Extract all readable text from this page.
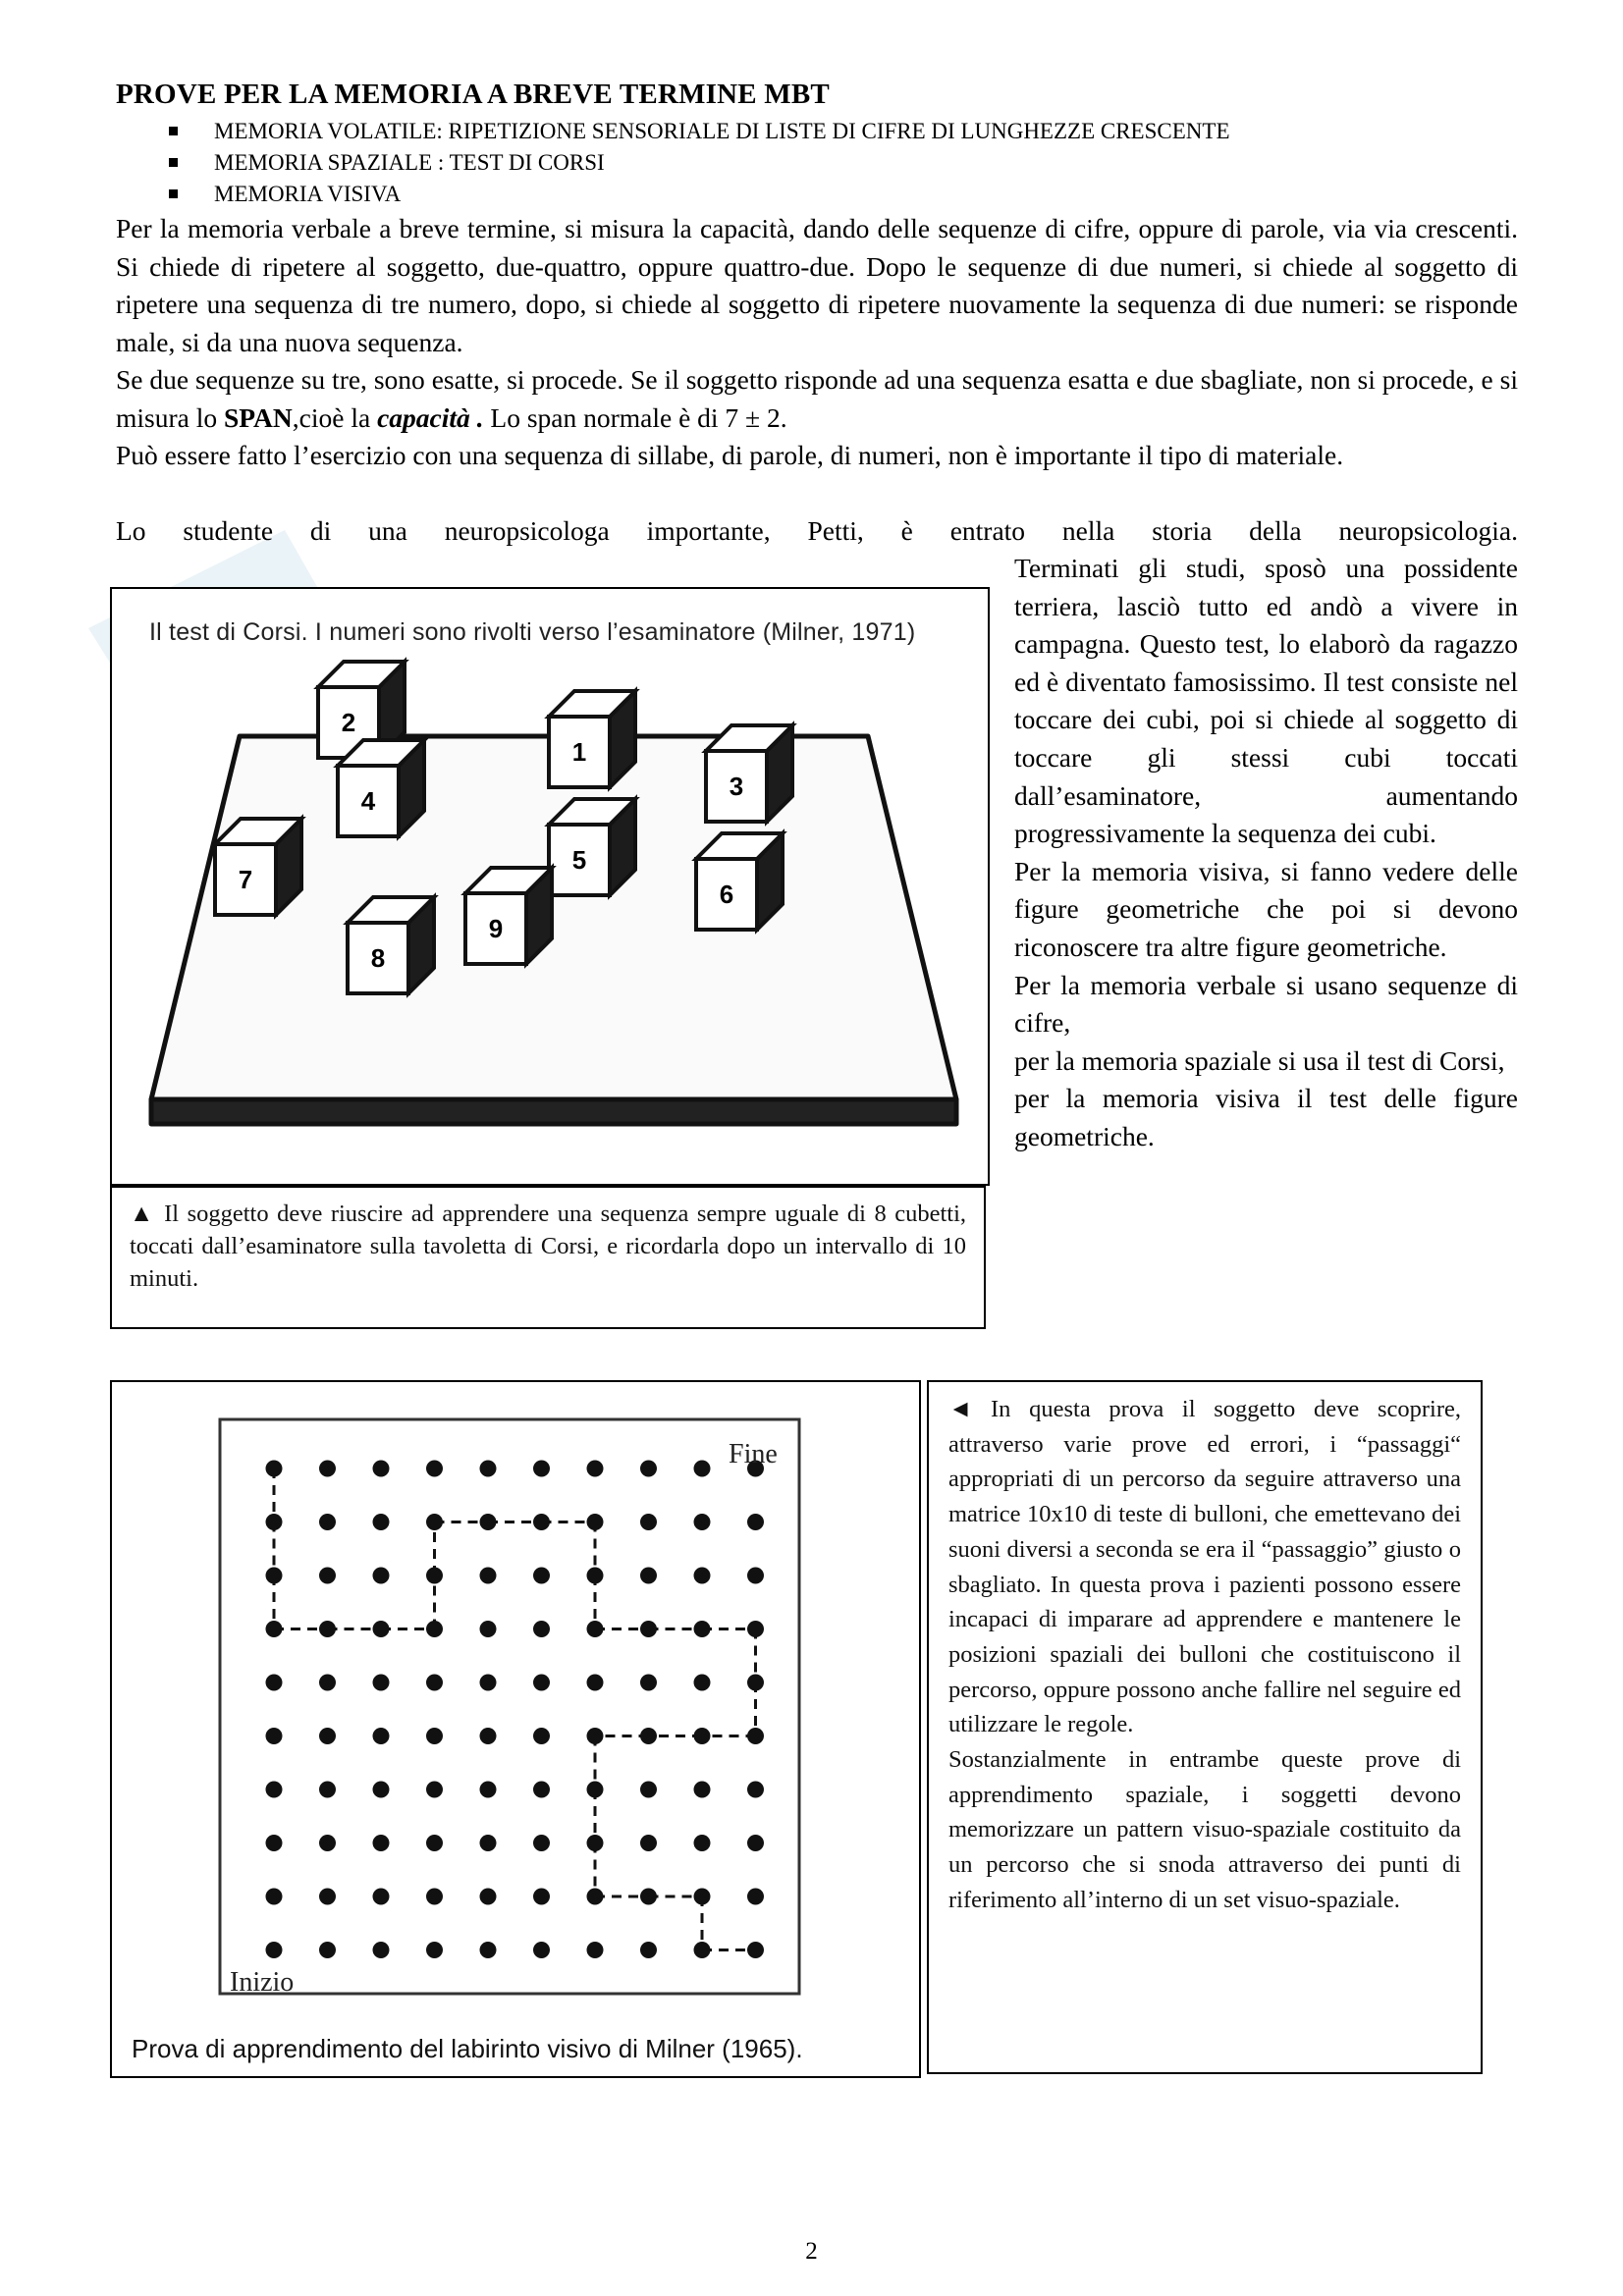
PROVE PER LA MEMORIA A BREVE TERMINE MBT
MEMORIA VOLATILE: RIPETIZIONE SENSORIALE DI LISTE DI CIFRE DI LUNGHEZZE CRESCENTE
MEMORIA SPAZIALE : TEST DI CORSI
MEMORIA VISIVA

Per la memoria verbale a breve termine, si misura la capacità, dando delle sequenze di cifre, oppure di parole, via via crescenti. Si chiede di ripetere al soggetto, due-quattro, oppure quattro-due. Dopo le sequenze di due numeri, si chiede al soggetto di ripetere una sequenza di tre numero, dopo, si chiede al soggetto di ripetere nuovamente la sequenza di due numeri: se risponde male, si da una nuova sequenza.

Se due sequenze su tre, sono esatte, si procede. Se il soggetto risponde ad una sequenza esatta e due sbagliate, non si procede, e si misura lo SPAN,cioè la capacità . Lo span normale è di 7 ± 2.

Può essere fatto l’esercizio con una sequenza di sillabe, di parole, di numeri, non è importante il tipo di materiale.

Lo studente di una neuropsicologa importante, Petti, è entrato nella storia della neuropsicologia.

Terminati gli studi, sposò una possidente terriera, lasciò tutto ed andò a vivere in campagna. Questo test, lo elaborò da ragazzo ed è diventato famosissimo. Il test consiste nel toccare dei cubi, poi si chiede al soggetto di toccare gli stessi cubi toccati dall’esaminatore, aumentando progressivamente la sequenza dei cubi.

Per la memoria visiva, si fanno vedere delle figure geometriche che poi si devono riconoscere tra altre figure geometriche.

Per la memoria verbale si usano sequenze di cifre,

per la memoria spaziale si usa il test di Corsi,

per la memoria visiva il test delle figure geometriche.

Il test di Corsi. I numeri sono rivolti verso l’esaminatore (Milner, 1971)
1
2
3
4
5
6
7
8
9
▲ Il soggetto deve riuscire ad apprendere una sequenza sempre uguale di 8 cubetti, toccati dall’esaminatore sulla tavoletta di Corsi, e ricordarla dopo un intervallo di 10 minuti.
Fine
Inizio
Prova di apprendimento del labirinto visivo di Milner (1965).

◄ In questa prova il soggetto deve scoprire, attraverso varie prove ed errori, i “passaggi“ appropriati di un percorso da seguire attraverso una matrice 10x10 di teste di bulloni, che emettevano dei suoni diversi a seconda se era il “passaggio” giusto o sbagliato. In questa prova i pazienti possono essere incapaci di imparare ad apprendere e mantenere le posizioni spaziali dei bulloni che costituiscono il percorso, oppure possono anche fallire nel seguire ed utilizzare le regole.

Sostanzialmente in entrambe queste prove di apprendimento spaziale, i soggetti devono memorizzare un pattern visuo-spaziale costituito da un percorso che si snoda attraverso dei punti di riferimento all’interno di un set visuo-spaziale.

2
